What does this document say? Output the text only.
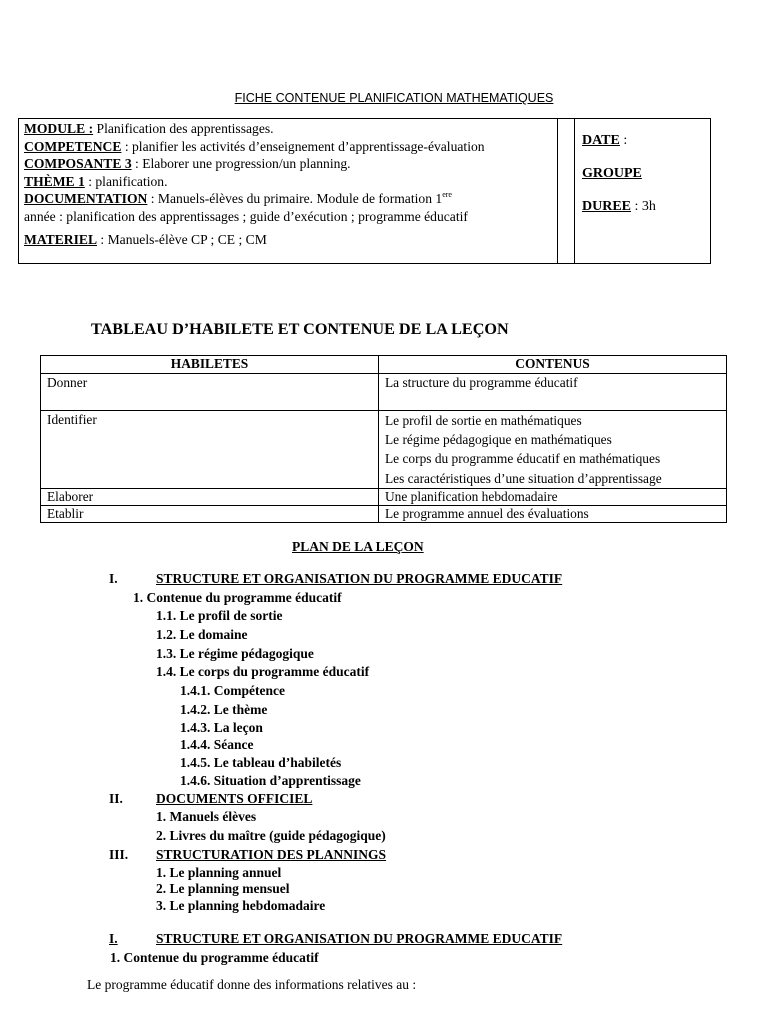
FICHE CONTENUE PLANIFICATION MATHEMATIQUES
MODULE : Planification des apprentissages.
COMPETENCE : planifier les activités d’enseignement d’apprentissage-évaluation
COMPOSANTE 3 : Elaborer une progression/un planning.
THÈME 1 : planification.
DOCUMENTATION : Manuels-élèves du primaire. Module de formation 1ere
année : planification des apprentissages ; guide d’exécution ; programme éducatif
MATERIEL : Manuels-élève CP ; CE ; CM
DATE :
GROUPE
DUREE : 3h
TABLEAU D’HABILETE ET CONTENUE DE LA LEÇON
HABILETES	CONTENUS
Donner	La structure du programme éducatif

Identifier	Le profil de sortie en mathématiques
Le régime pédagogique en mathématiques
Le corps du programme éducatif en mathématiques
Les caractéristiques d’une situation d’apprentissage

Elaborer	Une planification hebdomadaire

Etablir	Le programme annuel des évaluations
PLAN DE LA LEÇON
I.	STRUCTURE ET ORGANISATION DU PROGRAMME EDUCATIF
1. Contenue du programme éducatif
1.1. Le profil de sortie
1.2. Le domaine
1.3. Le régime pédagogique
1.4. Le corps du programme éducatif
1.4.1. Compétence
1.4.2. Le thème
1.4.3. La leçon
1.4.4. Séance
1.4.5. Le tableau d’habiletés
1.4.6. Situation d’apprentissage
II. DOCUMENTS OFFICIEL
1. Manuels élèves
2. Livres du maître (guide pédagogique)
III. STRUCTURATION DES PLANNINGS
1. Le planning annuel
2. Le planning mensuel
3. Le planning hebdomadaire
I.	STRUCTURE ET ORGANISATION DU PROGRAMME EDUCATIF
1. Contenue du programme éducatif
Le programme éducatif donne des informations relatives au :
